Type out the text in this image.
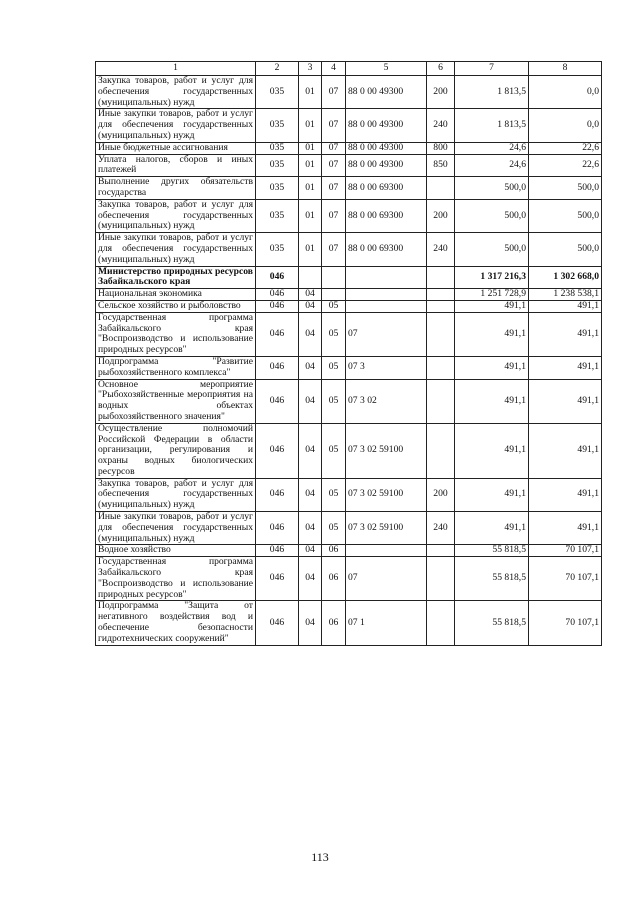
1	2	3	4	5	6	7	8
Закупка товаров, работ и услуг для обеспечения государственных (муниципальных) нужд	035	01	07	88 0 00 49300	200	1 813,5	0,0
Иные закупки товаров, работ и услуг для обеспечения государственных (муниципальных) нужд	035	01	07	88 0 00 49300	240	1 813,5	0,0
Иные бюджетные ассигнования	035	01	07	88 0 00 49300	800	24,6	22,6
Уплата налогов, сборов и иных платежей	035	01	07	88 0 00 49300	850	24,6	22,6
Выполнение других обязательств государства	035	01	07	88 0 00 69300		500,0	500,0
Закупка товаров, работ и услуг для обеспечения государственных (муниципальных) нужд	035	01	07	88 0 00 69300	200	500,0	500,0
Иные закупки товаров, работ и услуг для обеспечения государственных (муниципальных) нужд	035	01	07	88 0 00 69300	240	500,0	500,0
Министерство природных ресурсов Забайкальского края	046					1 317 216,3	1 302 668,0
Национальная экономика	046	04				1 251 728,9	1 238 538,1
Сельское хозяйство и рыболовство	046	04	05			491,1	491,1
Государственная программа Забайкальского края "Воспроизводство и использование природных ресурсов"	046	04	05	07		491,1	491,1
Подпрограмма "Развитие рыбохозяйственного комплекса"	046	04	05	07 3		491,1	491,1
Основное мероприятие "Рыбохозяйственные мероприятия на водных объектах рыбохозяйственного значения"	046	04	05	07 3 02		491,1	491,1
Осуществление полномочий Российской Федерации в области организации, регулирования и охраны водных биологических ресурсов	046	04	05	07 3 02 59100		491,1	491,1
Закупка товаров, работ и услуг для обеспечения государственных (муниципальных) нужд	046	04	05	07 3 02 59100	200	491,1	491,1
Иные закупки товаров, работ и услуг для обеспечения государственных (муниципальных) нужд	046	04	05	07 3 02 59100	240	491,1	491,1
Водное хозяйство	046	04	06			55 818,5	70 107,1
Государственная программа Забайкальского края "Воспроизводство и использование природных ресурсов"	046	04	06	07		55 818,5	70 107,1
Подпрограмма "Защита от негативного воздействия вод и обеспечение безопасности гидротехнических сооружений"	046	04	06	07 1		55 818,5	70 107,1
113
